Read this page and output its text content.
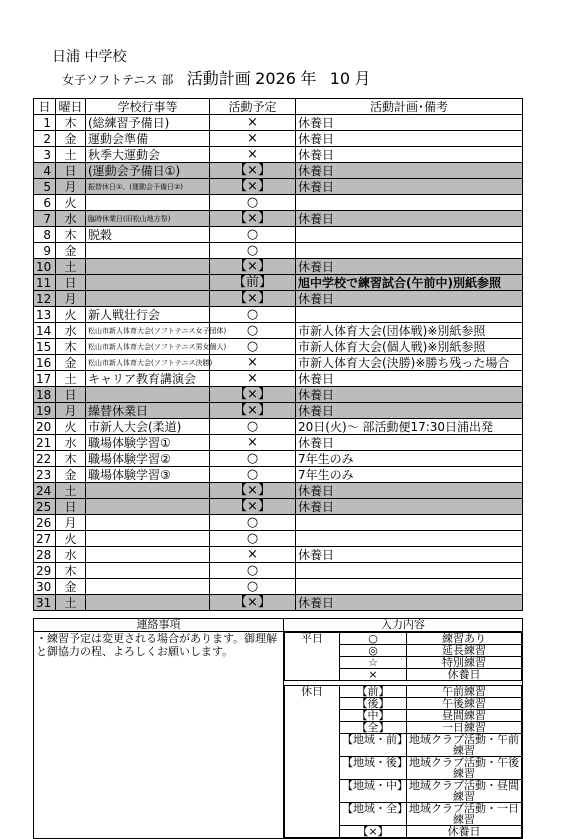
日浦 中学校
女子ソフトテニス 部 活動計画 2026 年 10 月
日	曜日	学校行事等	活動予定	活動計画･備考
1	木	(総練習予備日)	×	休養日
2	金	運動会準備	×	休養日
3	土	秋季大運動会	×	休養日
4	日	(運動会予備日①)	【×】	休養日
5	月	振替休日①、(運動会予備日②)	【×】	休養日
6	火		○	
7	水	臨時休業日(旧松山地方祭)	【×】	休養日
8	木	脱穀	○	
9	金		○	
10	土		【×】	休養日
11	日		【前】	旭中学校で練習試合(午前中)別紙参照
12	月		【×】	休養日
13	火	新人戦壮行会	○	
14	水	松山市新人体育大会(ソフトテニス女子団体)	○	市新人体育大会(団体戦)※別紙参照
15	木	松山市新人体育大会(ソフトテニス男女個人)	○	市新人体育大会(個人戦)※別紙参照
16	金	松山市新人体育大会(ソフトテニス決勝)	×	市新人体育大会(決勝)※勝ち残った場合
17	土	キャリア教育講演会	×	休養日
18	日		【×】	休養日
19	月	繰替休業日	【×】	休養日
20	火	市新人大会(柔道)	○	20日(火)～ 部活動便17:30日浦出発
21	水	職場体験学習①	×	休養日
22	木	職場体験学習②	○	7年生のみ
23	金	職場体験学習③	○	7年生のみ
24	土		【×】	休養日
25	日		【×】	休養日
26	月		○	
27	火		○	
28	水		×	休養日
29	木		○	
30	金		○	
31	土		【×】	休養日
連絡事項	入力内容
・練習予定は変更される場合があります。御理解と御協力の程、よろしくお願いします。	
平日	○	練習あり
◎	延長練習
☆	特別練習
×	休養日

休日	【前】	午前練習
【後】	午後練習
【中】	昼間練習
【全】	一日練習
【地域・前】	地域クラブ活動・午前練習
【地域・後】	地域クラブ活動・午後練習
【地域・中】	地域クラブ活動・昼間練習
【地域・全】	地域クラブ活動・一日練習
【×】	休養日
